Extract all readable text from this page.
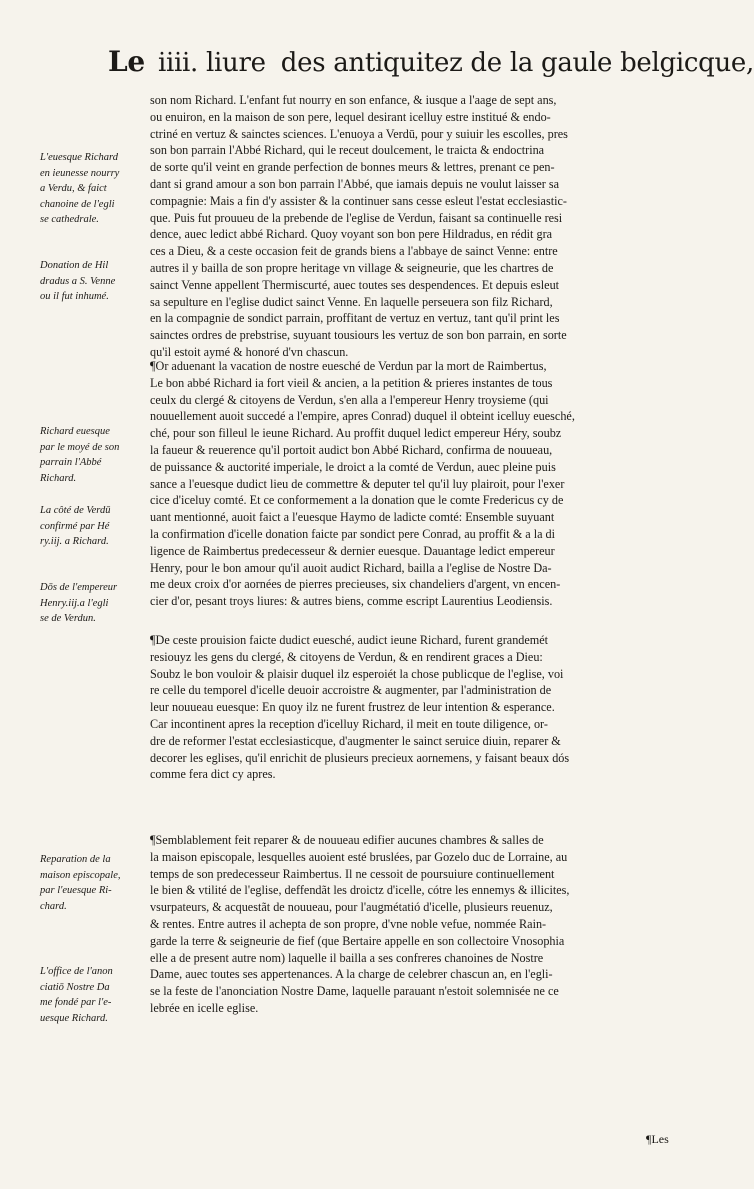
Le iiii. liure des antiquitez de la gaule belgicque,
L'euesque Richard
en ieunesse nourry
a Verdu, & faict
chanoine de l'egli
se cathedrale.
Donation de Hil
dradus a S. Venne
ou il fut inhumé.
Richard euesque
par le moyé de son
parrain l'Abbé
Richard.
La côté de Verdū
confirmé par Hé
ry.iij. a Richard.
Dōs de l'empereur
Henry.iij.a l'egli
se de Verdun.
Reparation de la
maison episcopale,
par l'euesque Ri-
chard.
L'office de l'anon
ciatiō Nostre Da
me fondé par l'e-
uesque Richard.
son nom Richard. L'enfant fut nourry en son enfance, & iusque a l'aage de sept ans,
ou enuiron, en la maison de son pere, lequel desirant icelluy estre institué & endo-
ctriné en vertuz & sainctes sciences. L'enuoya a Verdū, pour y suiuir les escolles, pres
son bon parrain l'Abbé Richard, qui le receut doulcement, le traicta & endoctrina
de sorte qu'il veint en grande perfection de bonnes meurs & lettres, prenant ce pen-
dant si grand amour a son bon parrain l'Abbé, que iamais depuis ne voulut laisser sa
compagnie: Mais a fin d'y assister & la continuer sans cesse esleut l'estat ecclesiastic-
que. Puis fut prouueu de la prebende de l'eglise de Verdun, faisant sa continuelle resi
dence, auec ledict abbé Richard. Quoy voyant son bon pere Hildradus, en rédit gra
ces a Dieu, & a ceste occasion feit de grands biens a l'abbaye de sainct Venne: entre
autres il y bailla de son propre heritage vn village & seigneurie, que les chartres de
sainct Venne appellent Thermiscurté, auec toutes ses despendences. Et depuis esleut
sa sepulture en l'eglise dudict sainct Venne. En laquelle perseuera son filz Richard,
en la compagnie de sondict parrain, proffitant de vertuz en vertuz, tant qu'il print les
sainctes ordres de prebstrise, suyuant tousiours les vertuz de son bon parrain, en sorte
qu'il estoit aymé & honoré d'vn chascun.
¶Or aduenant la vacation de nostre euesché de Verdun par la mort de Raimbertus,
Le bon abbé Richard ia fort vieil & ancien, a la petition & prieres instantes de tous
ceulx du clergé & citoyens de Verdun, s'en alla a l'empereur Henry troysieme (qui
nouuellement auoit succedé a l'empire, apres Conrad) duquel il obteint icelluy euesché,
ché, pour son filleul le ieune Richard. Au proffit duquel ledict empereur Héry, soubz
la faueur & reuerence qu'il portoit audict bon Abbé Richard, confirma de nouueau,
de puissance & auctorité imperiale, le droict a la comté de Verdun, auec pleine puis
sance a l'euesque dudict lieu de commettre & deputer tel qu'il luy plairoit, pour l'exer
cice d'iceluy comté. Et ce conformement a la donation que le comte Fredericus cy de
uant mentionné, auoit faict a l'euesque Haymo de ladicte comté: Ensemble suyuant
la confirmation d'icelle donation faicte par sondict pere Conrad, au proffit & a la di
ligence de Raimbertus predecesseur & dernier euesque. Dauantage ledict empereur
Henry, pour le bon amour qu'il auoit audict Richard, bailla a l'eglise de Nostre Da-
me deux croix d'or aornées de pierres precieuses, six chandeliers d'argent, vn encen-
cier d'or, pesant troys liures: & autres biens, comme escript Laurentius Leodiensis.
¶De ceste prouision faicte dudict euesché, audict ieune Richard, furent grandemét
resiouyz les gens du clergé, & citoyens de Verdun, & en rendirent graces a Dieu:
Soubz le bon vouloir & plaisir duquel ilz esperoiét la chose publicque de l'eglise, voi
re celle du temporel d'icelle deuoir accroistre & augmenter, par l'administration de
leur nouueau euesque: En quoy ilz ne furent frustrez de leur intention & esperance.
Car incontinent apres la reception d'icelluy Richard, il meit en toute diligence, or-
dre de reformer l'estat ecclesiasticque, d'augmenter le sainct seruice diuin, reparer &
decorer les eglises, qu'il enrichit de plusieurs precieux aornemens, y faisant beaux dós
comme fera dict cy apres.
¶Semblablement feit reparer & de nouueau edifier aucunes chambres & salles de
la maison episcopale, lesquelles auoient esté bruslées, par Gozelo duc de Lorraine, au
temps de son predecesseur Raimbertus. Il ne cessoit de poursuiure continuellement
le bien & vtilité de l'eglise, deffendãt les droictz d'icelle, cótre les ennemys & illicites,
vsurpateurs, & acquestãt de nouueau, pour l'augmétatió d'icelle, plusieurs reuenuz,
& rentes. Entre autres il achepta de son propre, d'vne noble vefue, nommée Rain-
garde la terre & seigneurie de fief (que Bertaire appelle en son collectoire Vnosophia
elle a de present autre nom) laquelle il bailla a ses confreres chanoines de Nostre
Dame, auec toutes ses appertenances. A la charge de celebrer chascun an, en l'egli-
se la feste de l'anonciation Nostre Dame, laquelle parauant n'estoit solemnisée ne ce
lebrée en icelle eglise.
¶Les
